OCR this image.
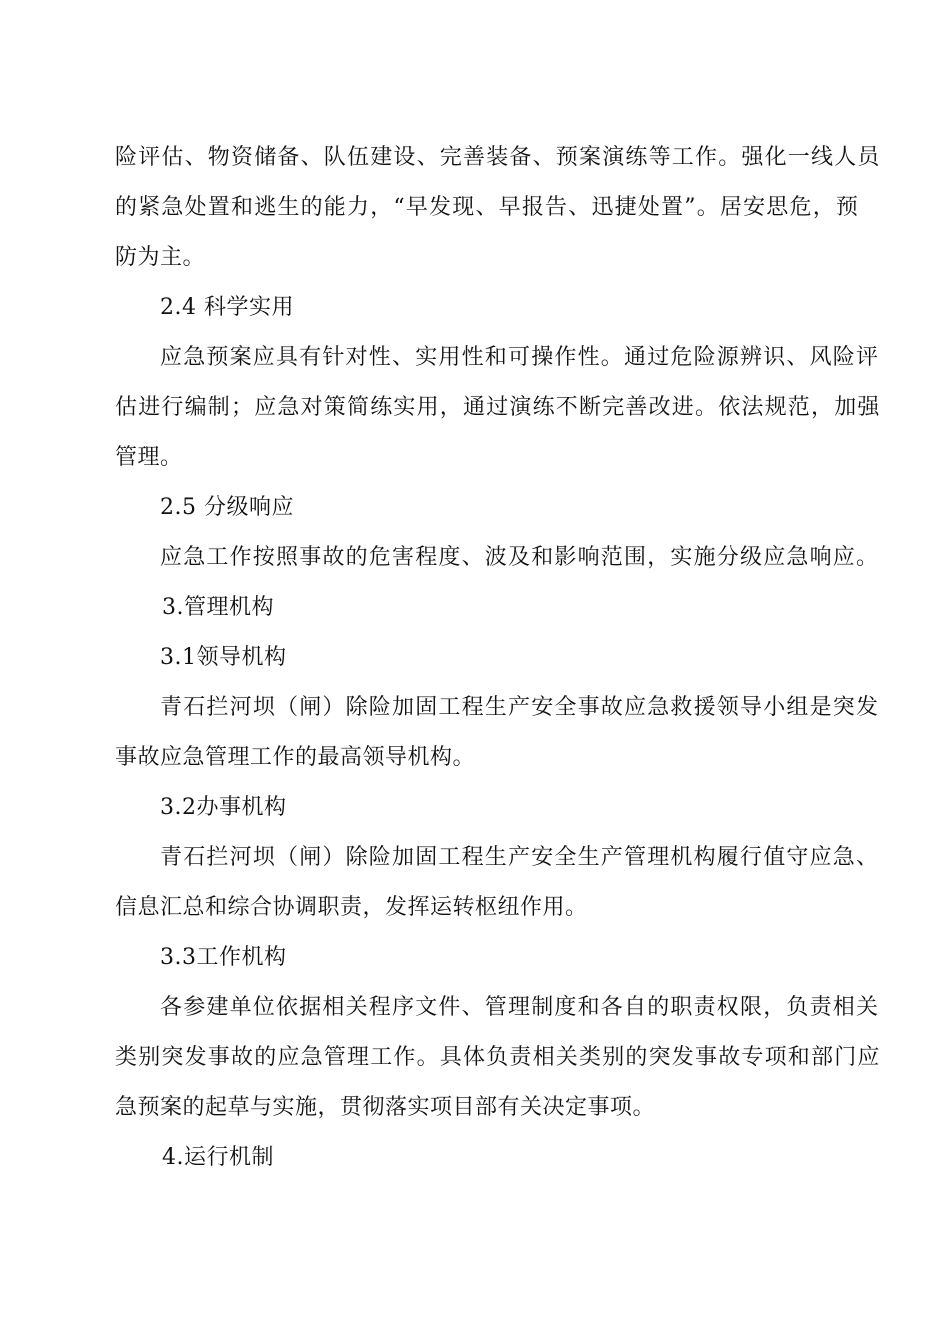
险评估、物资储备、队伍建设、完善装备、预案演练等工作。强化一线人员
的紧急处置和逃生的能力，“早发现、早报告、迅捷处置”。居安思危，预
防为主。
2.4 科学实用
应急预案应具有针对性、实用性和可操作性。通过危险源辨识、风险评
估进行编制；应急对策简练实用，通过演练不断完善改进。依法规范，加强
管理。
2.5 分级响应
应急工作按照事故的危害程度、波及和影响范围，实施分级应急响应。
3.管理机构
3.1领导机构
青石拦河坝（闸）除险加固工程生产安全事故应急救援领导小组是突发
事故应急管理工作的最高领导机构。
3.2办事机构
青石拦河坝（闸）除险加固工程生产安全生产管理机构履行值守应急、
信息汇总和综合协调职责，发挥运转枢纽作用。
3.3工作机构
各参建单位依据相关程序文件、管理制度和各自的职责权限，负责相关
类别突发事故的应急管理工作。具体负责相关类别的突发事故专项和部门应
急预案的起草与实施，贯彻落实项目部有关决定事项。
4.运行机制
